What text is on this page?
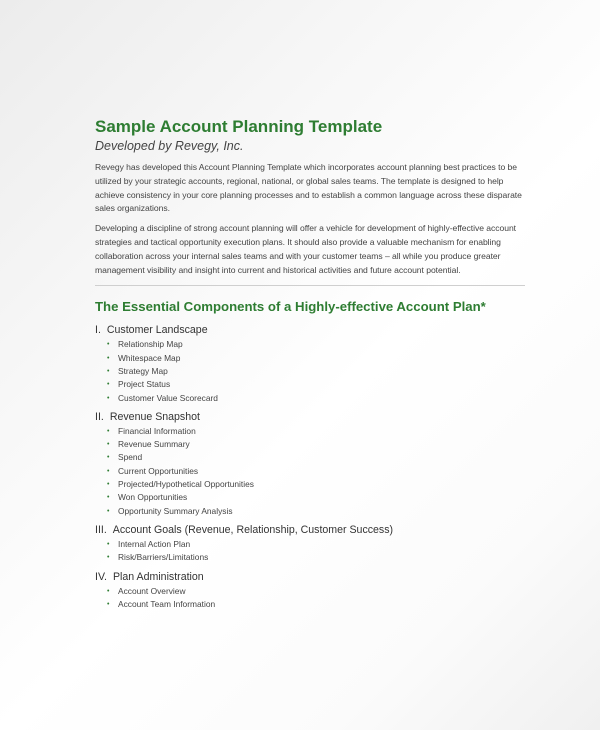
Sample Account Planning Template
Developed by Revegy, Inc.

Revegy has developed this Account Planning Template which incorporates account planning best practices to be utilized by your strategic accounts, regional, national, or global sales teams. The template is designed to help achieve consistency in your core planning processes and to establish a common language across these disparate sales organizations.

Developing a discipline of strong account planning will offer a vehicle for development of highly-effective account strategies and tactical opportunity execution plans. It should also provide a valuable mechanism for enabling collaboration across your internal sales teams and with your customer teams – all while you produce greater management visibility and insight into current and historical activities and future account potential.

The Essential Components of a Highly-effective Account Plan*
I. Customer Landscape
• Relationship Map
• Whitespace Map
• Strategy Map
• Project Status
• Customer Value Scorecard
II. Revenue Snapshot
• Financial Information
• Revenue Summary
• Spend
• Current Opportunities
• Projected/Hypothetical Opportunities
• Won Opportunities
• Opportunity Summary Analysis
III. Account Goals (Revenue, Relationship, Customer Success)
• Internal Action Plan
• Risk/Barriers/Limitations
IV. Plan Administration
• Account Overview
• Account Team Information
